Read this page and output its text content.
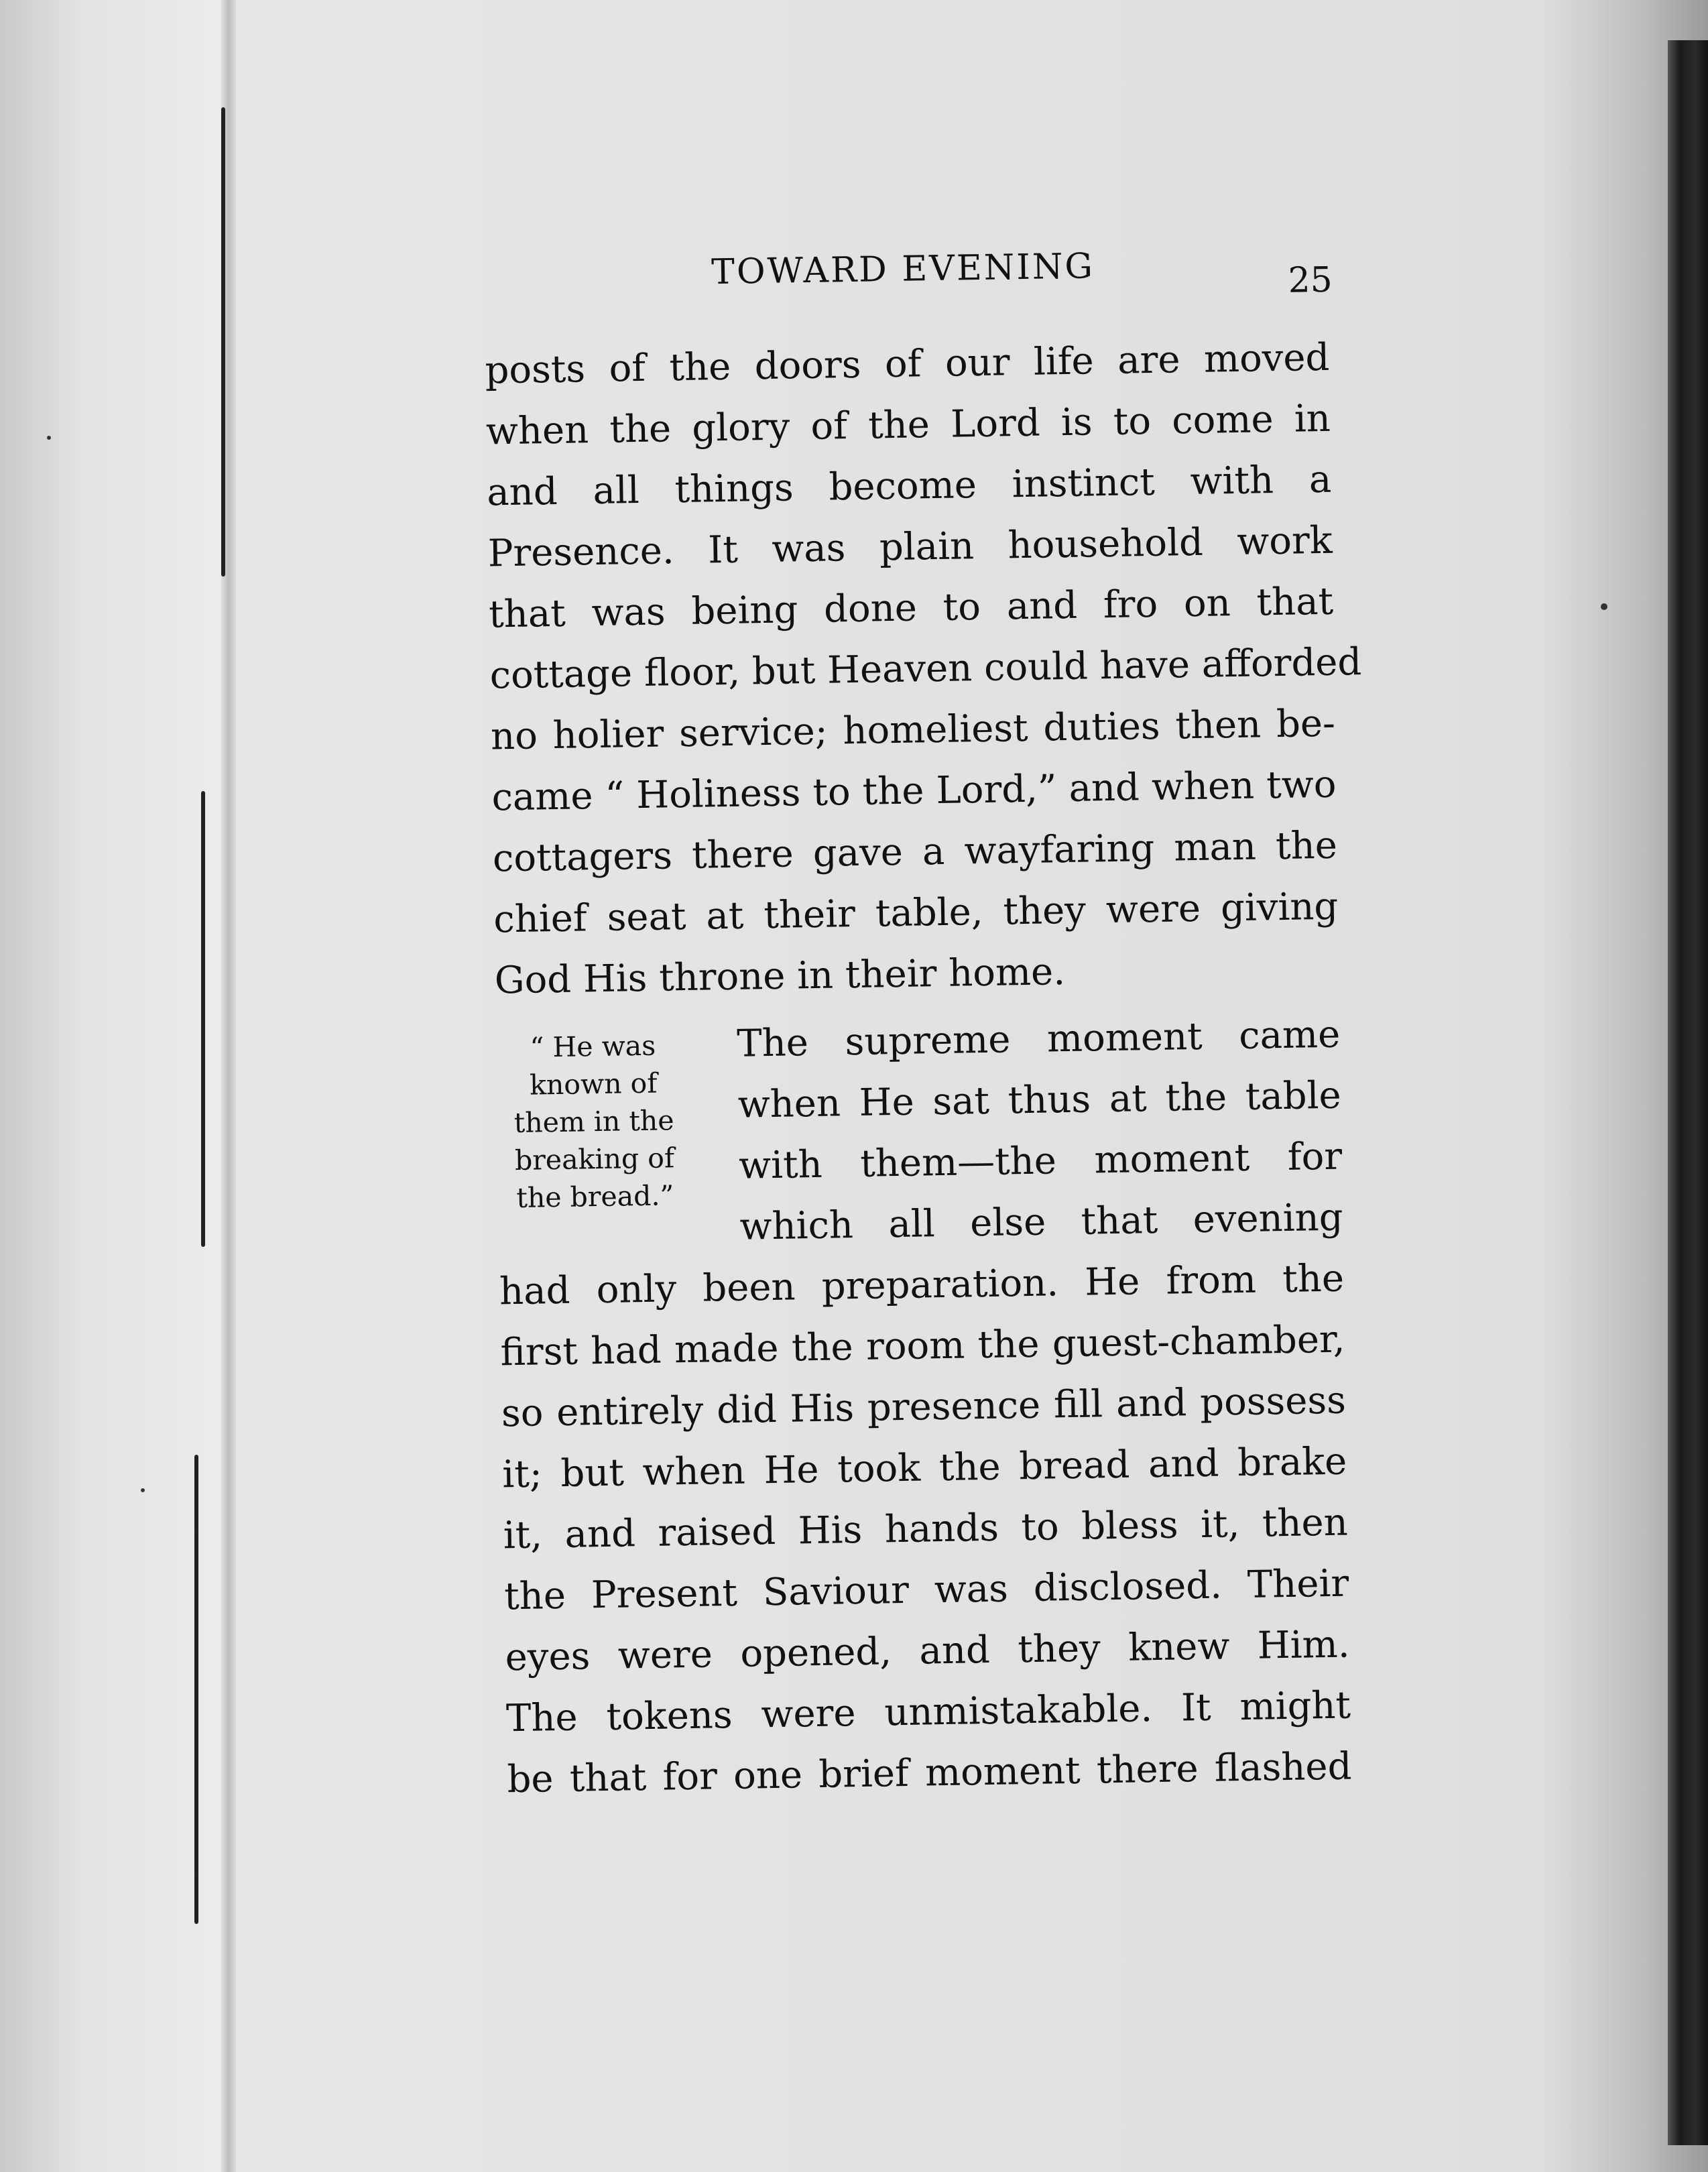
TOWARD EVENING	25
posts of the doors of our life are moved
when the glory of the Lord is to come in
and all things become instinct with a
Presence. It was plain household work
that was being done to and fro on that
cottage floor, but Heaven could have afforded
no holier service; homeliest duties then be-
came “ Holiness to the Lord,” and when two
cottagers there gave a wayfaring man the
chief seat at their table, they were giving
God His throne in their home.
“ He was
known of
them in the
breaking of
the bread.”
The supreme moment came
when He sat thus at the table
with them—the moment for
which all else that evening
had only been preparation. He from the
first had made the room the guest-chamber,
so entirely did His presence fill and possess
it; but when He took the bread and brake
it, and raised His hands to bless it, then
the Present Saviour was disclosed. Their
eyes were opened, and they knew Him.
The tokens were unmistakable. It might
be that for one brief moment there flashed
